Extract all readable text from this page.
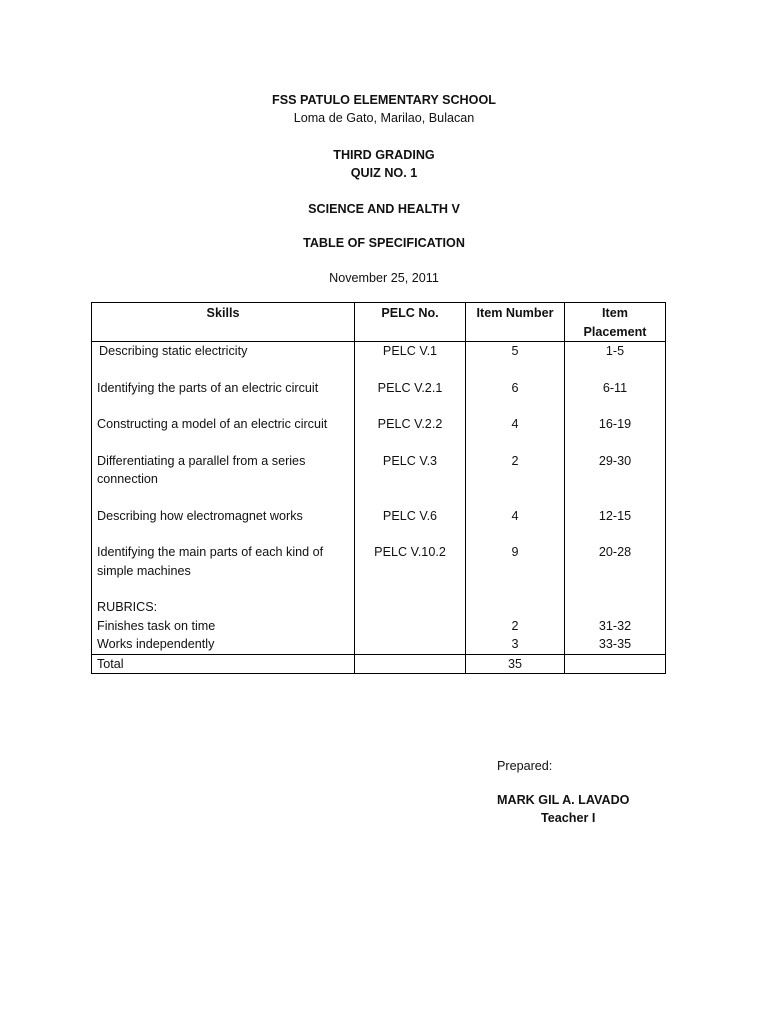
FSS PATULO ELEMENTARY SCHOOL

Loma de Gato, Marilao, Bulacan

THIRD GRADING

QUIZ NO. 1

SCIENCE AND HEALTH V

TABLE OF SPECIFICATION

November 25, 2011

Skills	PELC No.	Item Number	Item
Placement
Describing static electricity	PELC V.1	5	1-5
Identifying the parts of an electric circuit	PELC V.2.1	6	6-11
Constructing a model of an electric circuit	PELC V.2.2	4	16-19
Differentiating a parallel from a series connection	PELC V.3	2	29-30
Describing how electromagnet works	PELC V.6	4	12-15
Identifying the main parts of each kind of simple machines	PELC V.10.2	9	20-28
RUBRICS:			
Finishes task on time		2	31-32
Works independently		3	33-35
Total		35	

Prepared:

MARK GIL A. LAVADO

Teacher I
